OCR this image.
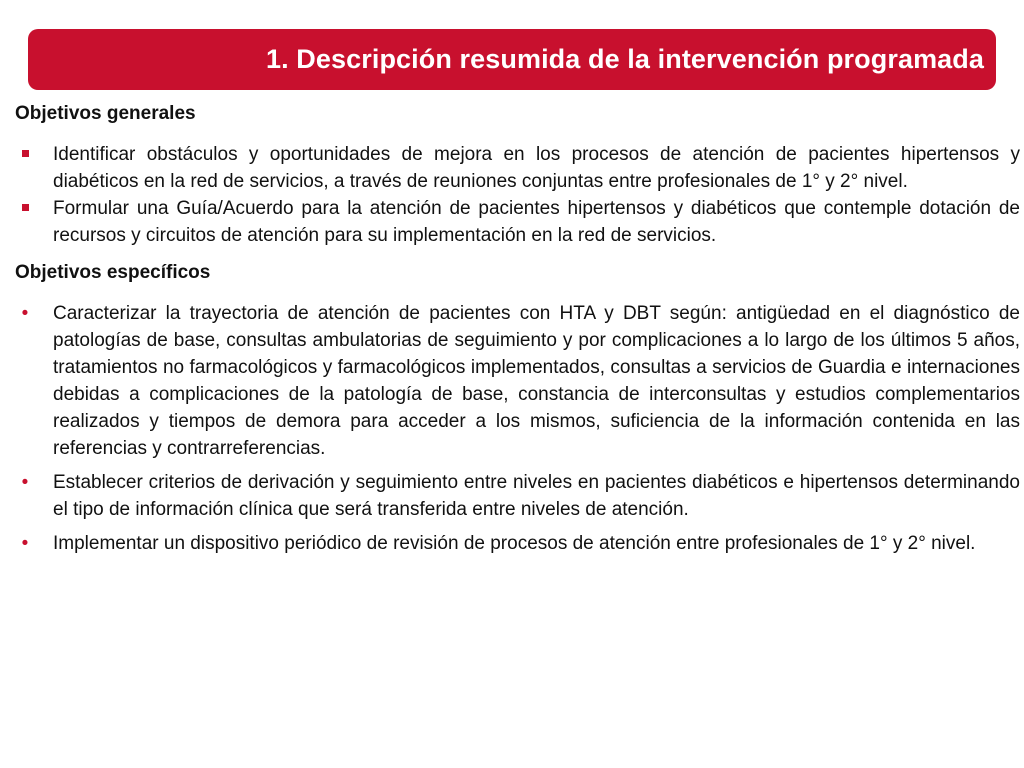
1. Descripción resumida de la intervención programada

Objetivos generales

Identificar obstáculos y oportunidades de mejora en los procesos de atención de pacientes hipertensos y diabéticos en la red de servicios, a través de reuniones conjuntas entre profesionales de 1° y 2° nivel.
Formular una Guía/Acuerdo para la atención de pacientes hipertensos y diabéticos que contemple dotación de recursos y circuitos de atención para su implementación en la red de servicios.

Objetivos específicos

•
Caracterizar la trayectoria de atención de pacientes con HTA y DBT según: antigüedad en el diagnóstico de patologías de base, consultas ambulatorias de seguimiento y por complicaciones a lo largo de los últimos 5 años, tratamientos no farmacológicos y farmacológicos implementados, consultas a servicios de Guardia e internaciones debidas a complicaciones de la patología de base, constancia de interconsultas y estudios complementarios realizados y tiempos de demora para acceder a los mismos, suficiencia de la información contenida en las referencias y contrarreferencias.
•
Establecer criterios de derivación y seguimiento entre niveles en pacientes diabéticos e hipertensos determinando el tipo de información clínica que será transferida entre niveles de atención.
•
Implementar un dispositivo periódico de revisión de procesos de atención entre profesionales de 1° y 2° nivel.
